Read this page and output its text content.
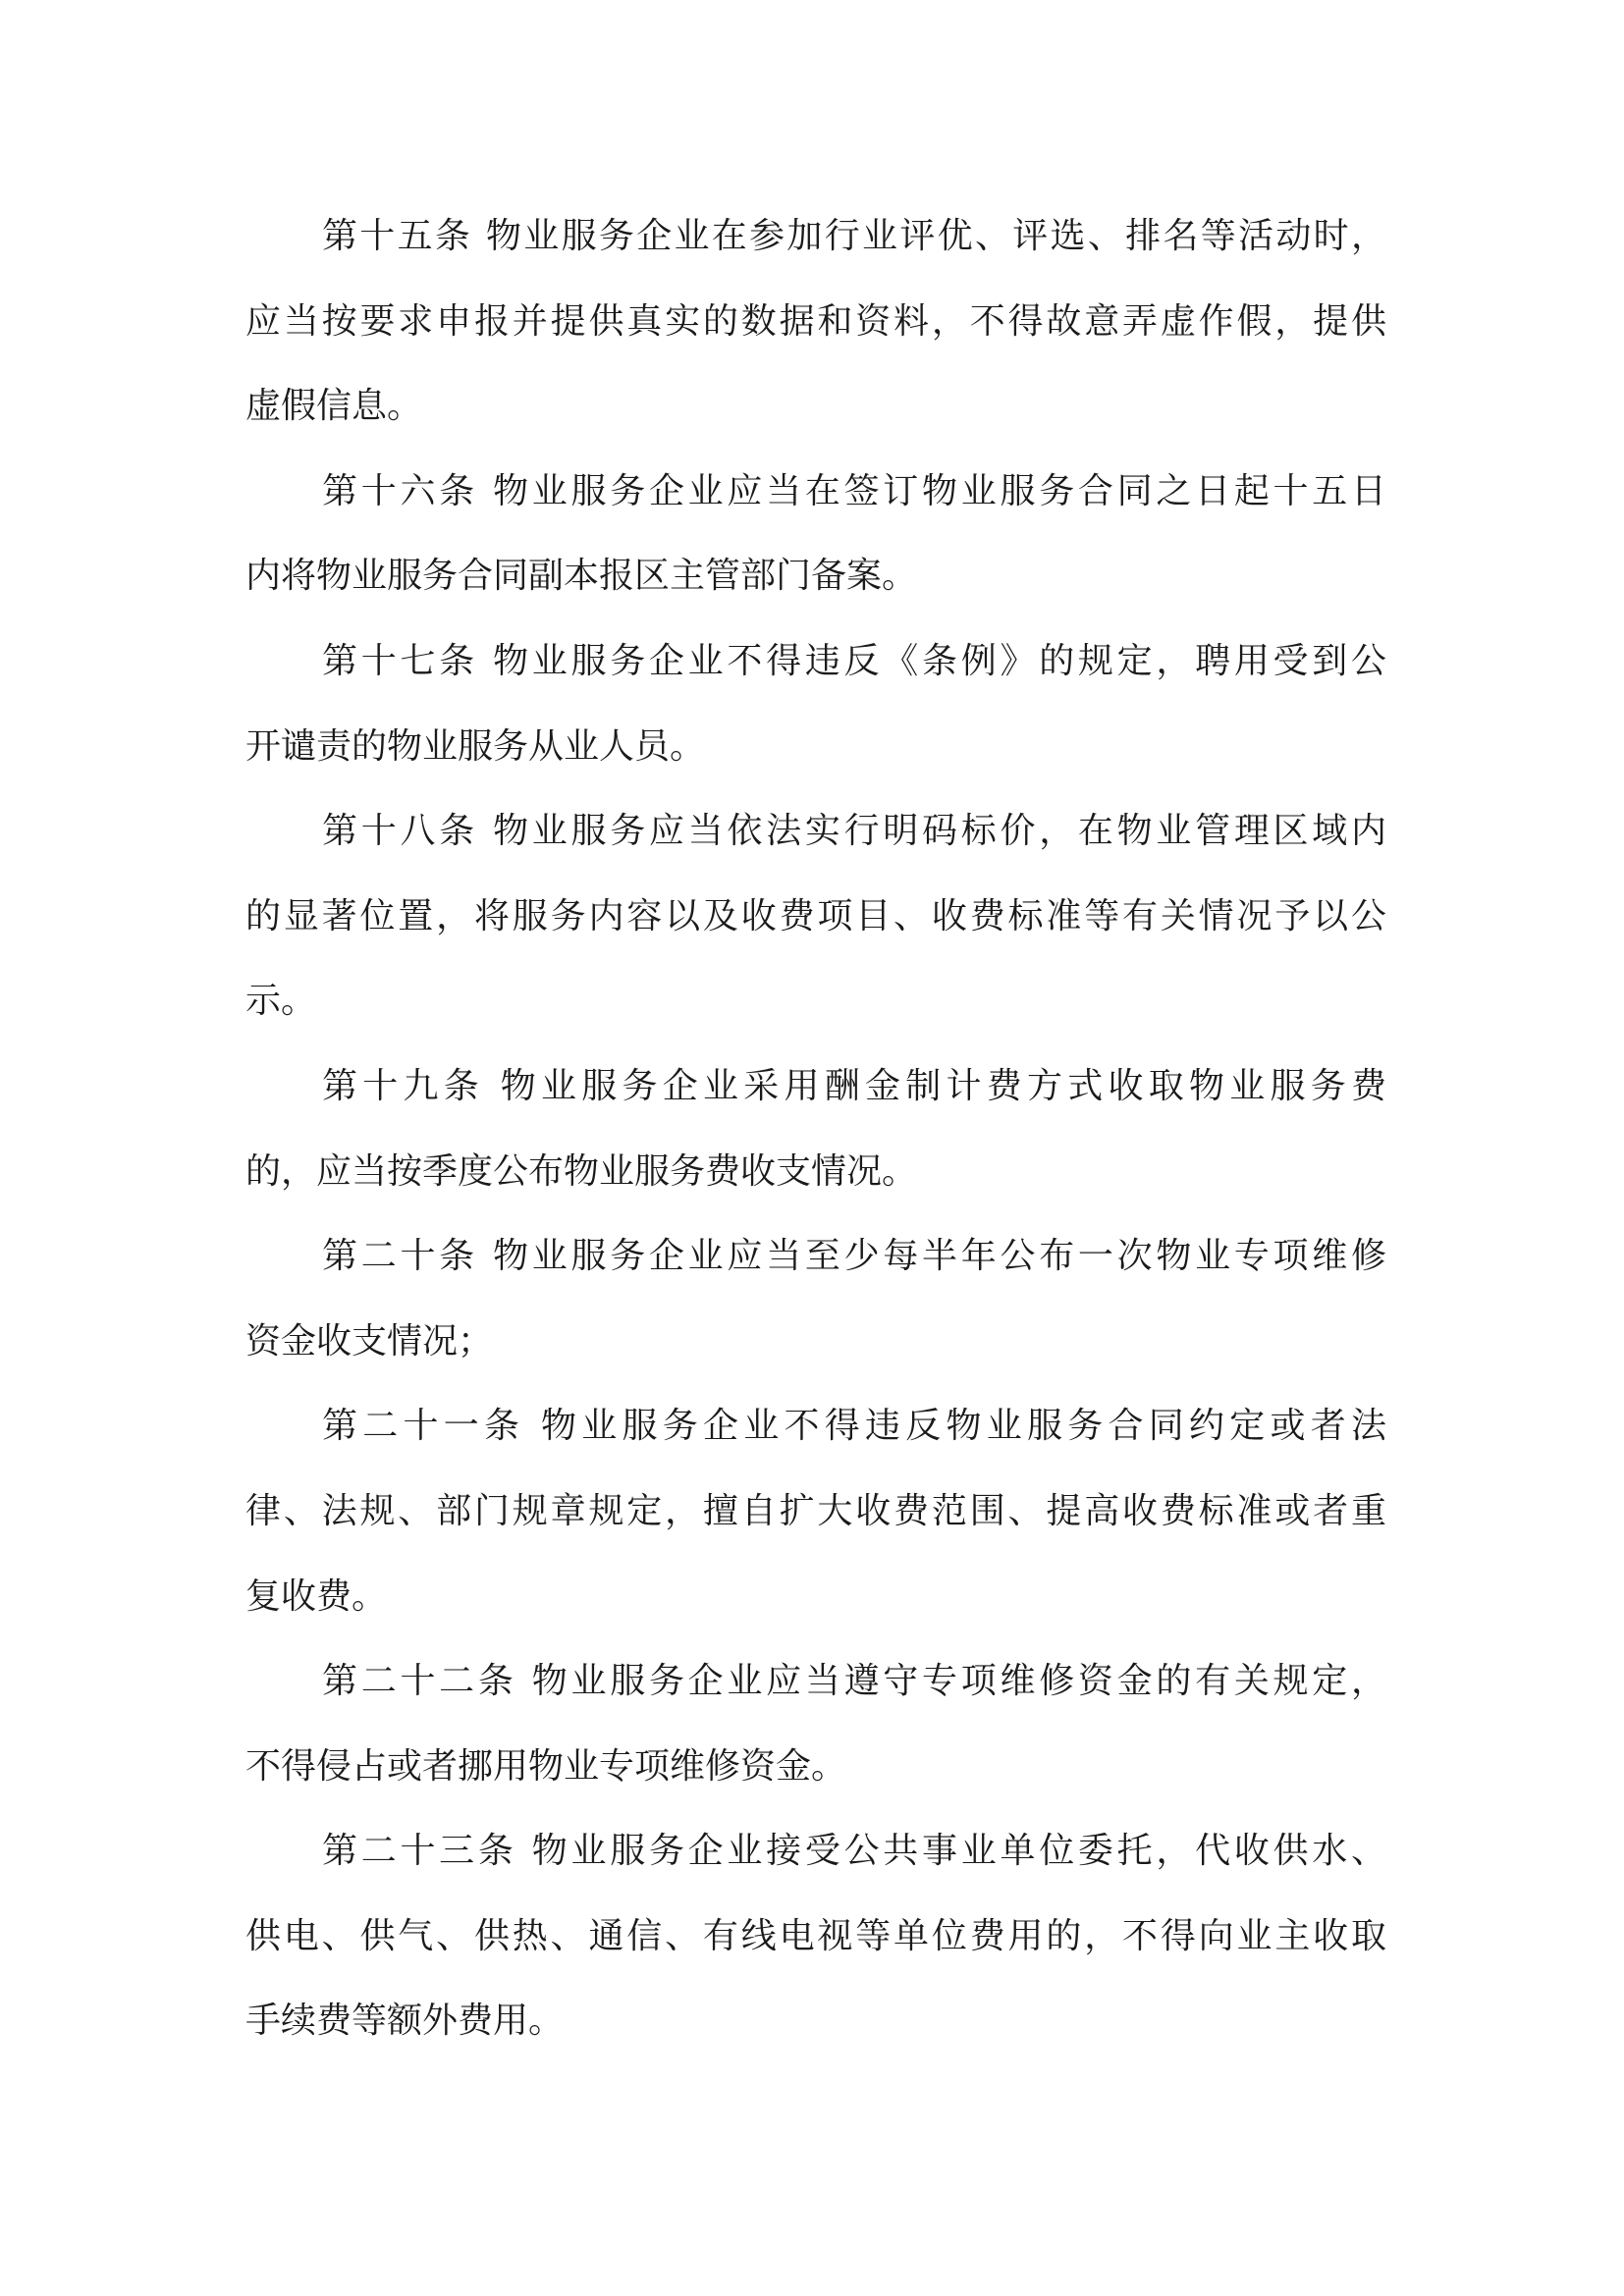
第十五条 物业服务企业在参加行业评优、评选、排名等活动时，
应当按要求申报并提供真实的数据和资料，不得故意弄虚作假，提供
虚假信息。
第十六条 物业服务企业应当在签订物业服务合同之日起十五日
内将物业服务合同副本报区主管部门备案。
第十七条 物业服务企业不得违反《条例》的规定，聘用受到公
开谴责的物业服务从业人员。
第十八条 物业服务应当依法实行明码标价，在物业管理区域内
的显著位置，将服务内容以及收费项目、收费标准等有关情况予以公
示。
第十九条 物业服务企业采用酬金制计费方式收取物业服务费
的，应当按季度公布物业服务费收支情况。
第二十条 物业服务企业应当至少每半年公布一次物业专项维修
资金收支情况；
第二十一条 物业服务企业不得违反物业服务合同约定或者法
律、法规、部门规章规定，擅自扩大收费范围、提高收费标准或者重
复收费。
第二十二条 物业服务企业应当遵守专项维修资金的有关规定，
不得侵占或者挪用物业专项维修资金。
第二十三条 物业服务企业接受公共事业单位委托，代收供水、
供电、供气、供热、通信、有线电视等单位费用的，不得向业主收取
手续费等额外费用。
